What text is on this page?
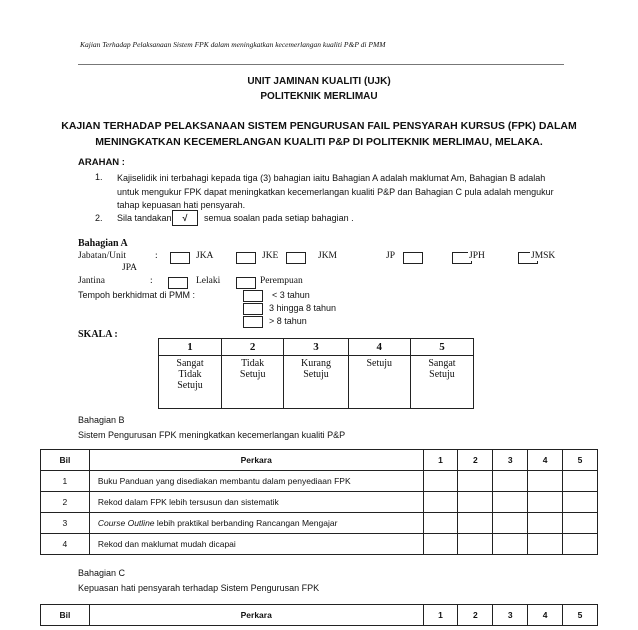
Kajian Terhadap Pelaksanaan Sistem FPK dalam meningkatkan kecemerlangan kualiti P&P di PMM
UNIT JAMINAN KUALITI (UJK)
POLITEKNIK MERLIMAU
KAJIAN TERHADAP PELAKSANAAN SISTEM PENGURUSAN FAIL PENSYARAH KURSUS (FPK) DALAM MENINGKATKAN KECEMERLANGAN KUALITI P&P DI POLITEKNIK MERLIMAU, MELAKA.
ARAHAN :
1. Kajiselidik ini terbahagi kepada tiga (3) bahagian iaitu Bahagian A adalah maklumat Am, Bahagian B adalah untuk mengukur FPK dapat meningkatkan kecemerlangan kualiti P&P dan Bahagian C pula adalah mengukur tahap kepuasan hati pensyarah.
2. Sila tandakan	√	semua soalan pada setiap bahagian .
Bahagian A
Jabatan/Unit	:	JKA	JKE	JKM	JP	JPH	JMSK
JPA
Jantina	:	Lelaki	Perempuan
Tempoh berkhidmat di PMM :	< 3 tahun
3 hingga 8 tahun
> 8 tahun
SKALA :
1	2	3	4	5
Sangat Tidak Setuju	Tidak Setuju	Kurang Setuju	Setuju	Sangat Setuju
Bahagian B
Sistem Pengurusan FPK meningkatkan kecemerlangan kualiti P&P
Bil	Perkara	1	2	3	4	5
1	Buku Panduan yang disediakan membantu dalam penyediaan FPK					
2	Rekod dalam FPK lebih tersusun dan sistematik					
3	Course Outline lebih praktikal berbanding Rancangan Mengajar					
4	Rekod dan maklumat mudah dicapai					
Bahagian C
Kepuasan hati pensyarah terhadap Sistem Pengurusan FPK
Bil	Perkara	1	2	3	4	5
